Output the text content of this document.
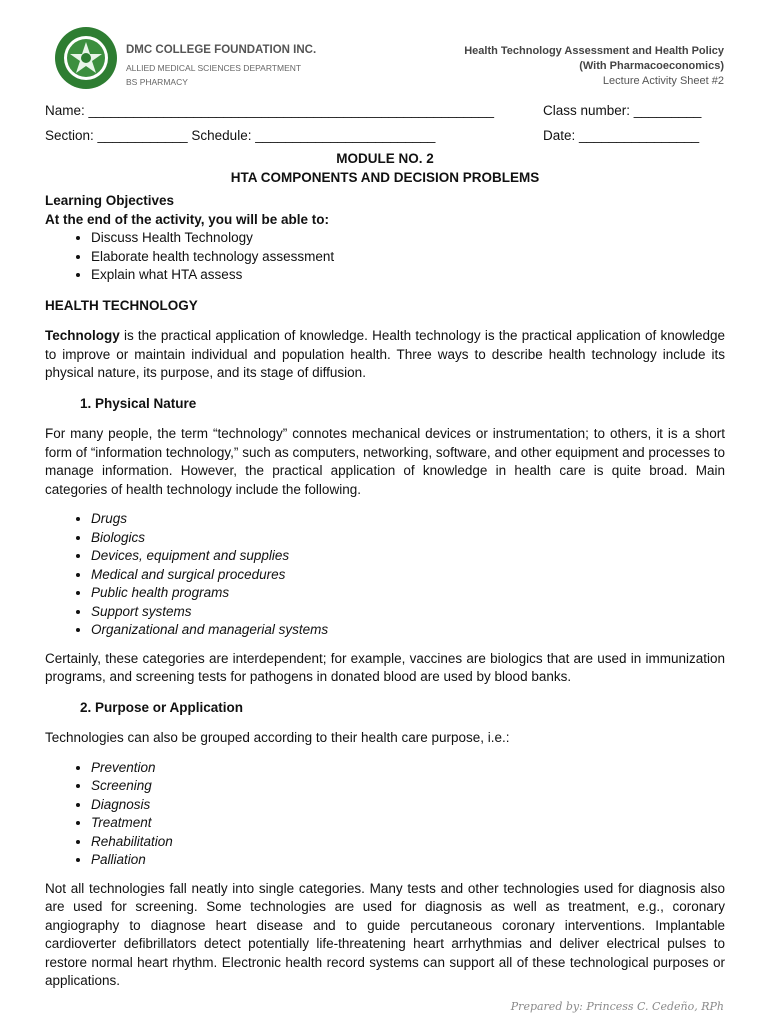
DMC COLLEGE FOUNDATION INC.
ALLIED MEDICAL SCIENCES DEPARTMENT
BS PHARMACY
Health Technology Assessment and Health Policy
(With Pharmacoeconomics)
Lecture Activity Sheet #2
Name: ______________________________________________________	Class number: _________
Section: ____________ Schedule: ________________________	Date: ________________

MODULE NO. 2

HTA COMPONENTS AND DECISION PROBLEMS

Learning Objectives

At the end of the activity, you will be able to:

• Discuss Health Technology
• Elaborate health technology assessment
• Explain what HTA assess

HEALTH TECHNOLOGY

Technology is the practical application of knowledge. Health technology is the practical application of knowledge to improve or maintain individual and population health. Three ways to describe health technology include its physical nature, its purpose, and its stage of diffusion.

1. Physical Nature

For many people, the term “technology” connotes mechanical devices or instrumentation; to others, it is a short form of “information technology,” such as computers, networking, software, and other equipment and processes to manage information. However, the practical application of knowledge in health care is quite broad. Main categories of health technology include the following.

• Drugs
• Biologics
• Devices, equipment and supplies
• Medical and surgical procedures
• Public health programs
• Support systems
• Organizational and managerial systems

Certainly, these categories are interdependent; for example, vaccines are biologics that are used in immunization programs, and screening tests for pathogens in donated blood are used by blood banks.

2. Purpose or Application

Technologies can also be grouped according to their health care purpose, i.e.:

• Prevention
• Screening
• Diagnosis
• Treatment
• Rehabilitation
• Palliation

Not all technologies fall neatly into single categories. Many tests and other technologies used for diagnosis also are used for screening. Some technologies are used for diagnosis as well as treatment, e.g., coronary angiography to diagnose heart disease and to guide percutaneous coronary interventions. Implantable cardioverter defibrillators detect potentially life-threatening heart arrhythmias and deliver electrical pulses to restore normal heart rhythm. Electronic health record systems can support all of these technological purposes or applications.

Prepared by: Princess C. Cedeño, RPh
